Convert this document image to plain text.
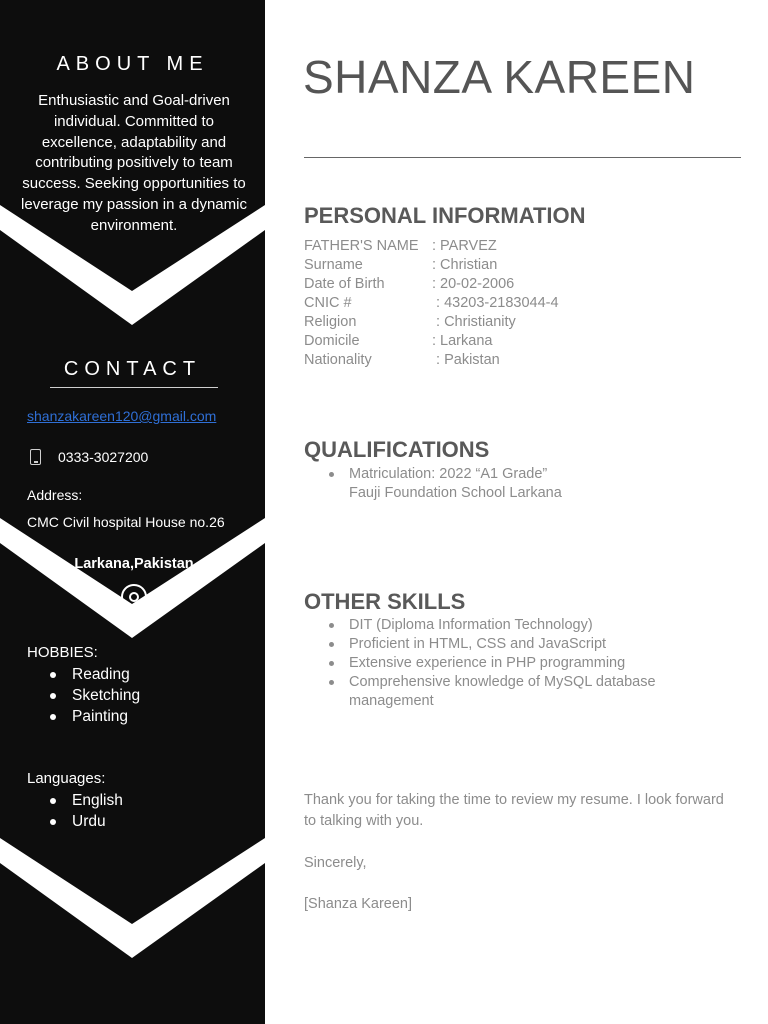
ABOUT ME
Enthusiastic and Goal-driven individual. Committed to excellence, adaptability and contributing positively to team success. Seeking opportunities to leverage my passion in a dynamic environment.
CONTACT
shanzakareen120@gmail.com
0333-3027200
Address:
CMC Civil hospital House no.26
Larkana,Pakistan
HOBBIES:
Reading
Sketching
Painting
Languages:
English
Urdu
SHANZA KAREEN
PERSONAL INFORMATION
FATHER'S NAME : PARVEZ
Surname	: Christian
Date of Birth	: 20-02-2006
CNIC #	: 43203-2183044-4
Religion	: Christianity
Domicile	: Larkana
Nationality	: Pakistan
QUALIFICATIONS
Matriculation: 2022 “A1 Grade”
Fauji Foundation School Larkana
OTHER SKILLS
DIT (Diploma Information Technology)
Proficient in HTML, CSS and JavaScript
Extensive experience in PHP programming
Comprehensive knowledge of MySQL database management
Thank you for taking the time to review my resume. I look forward to talking with you.
Sincerely,
[Shanza Kareen]
